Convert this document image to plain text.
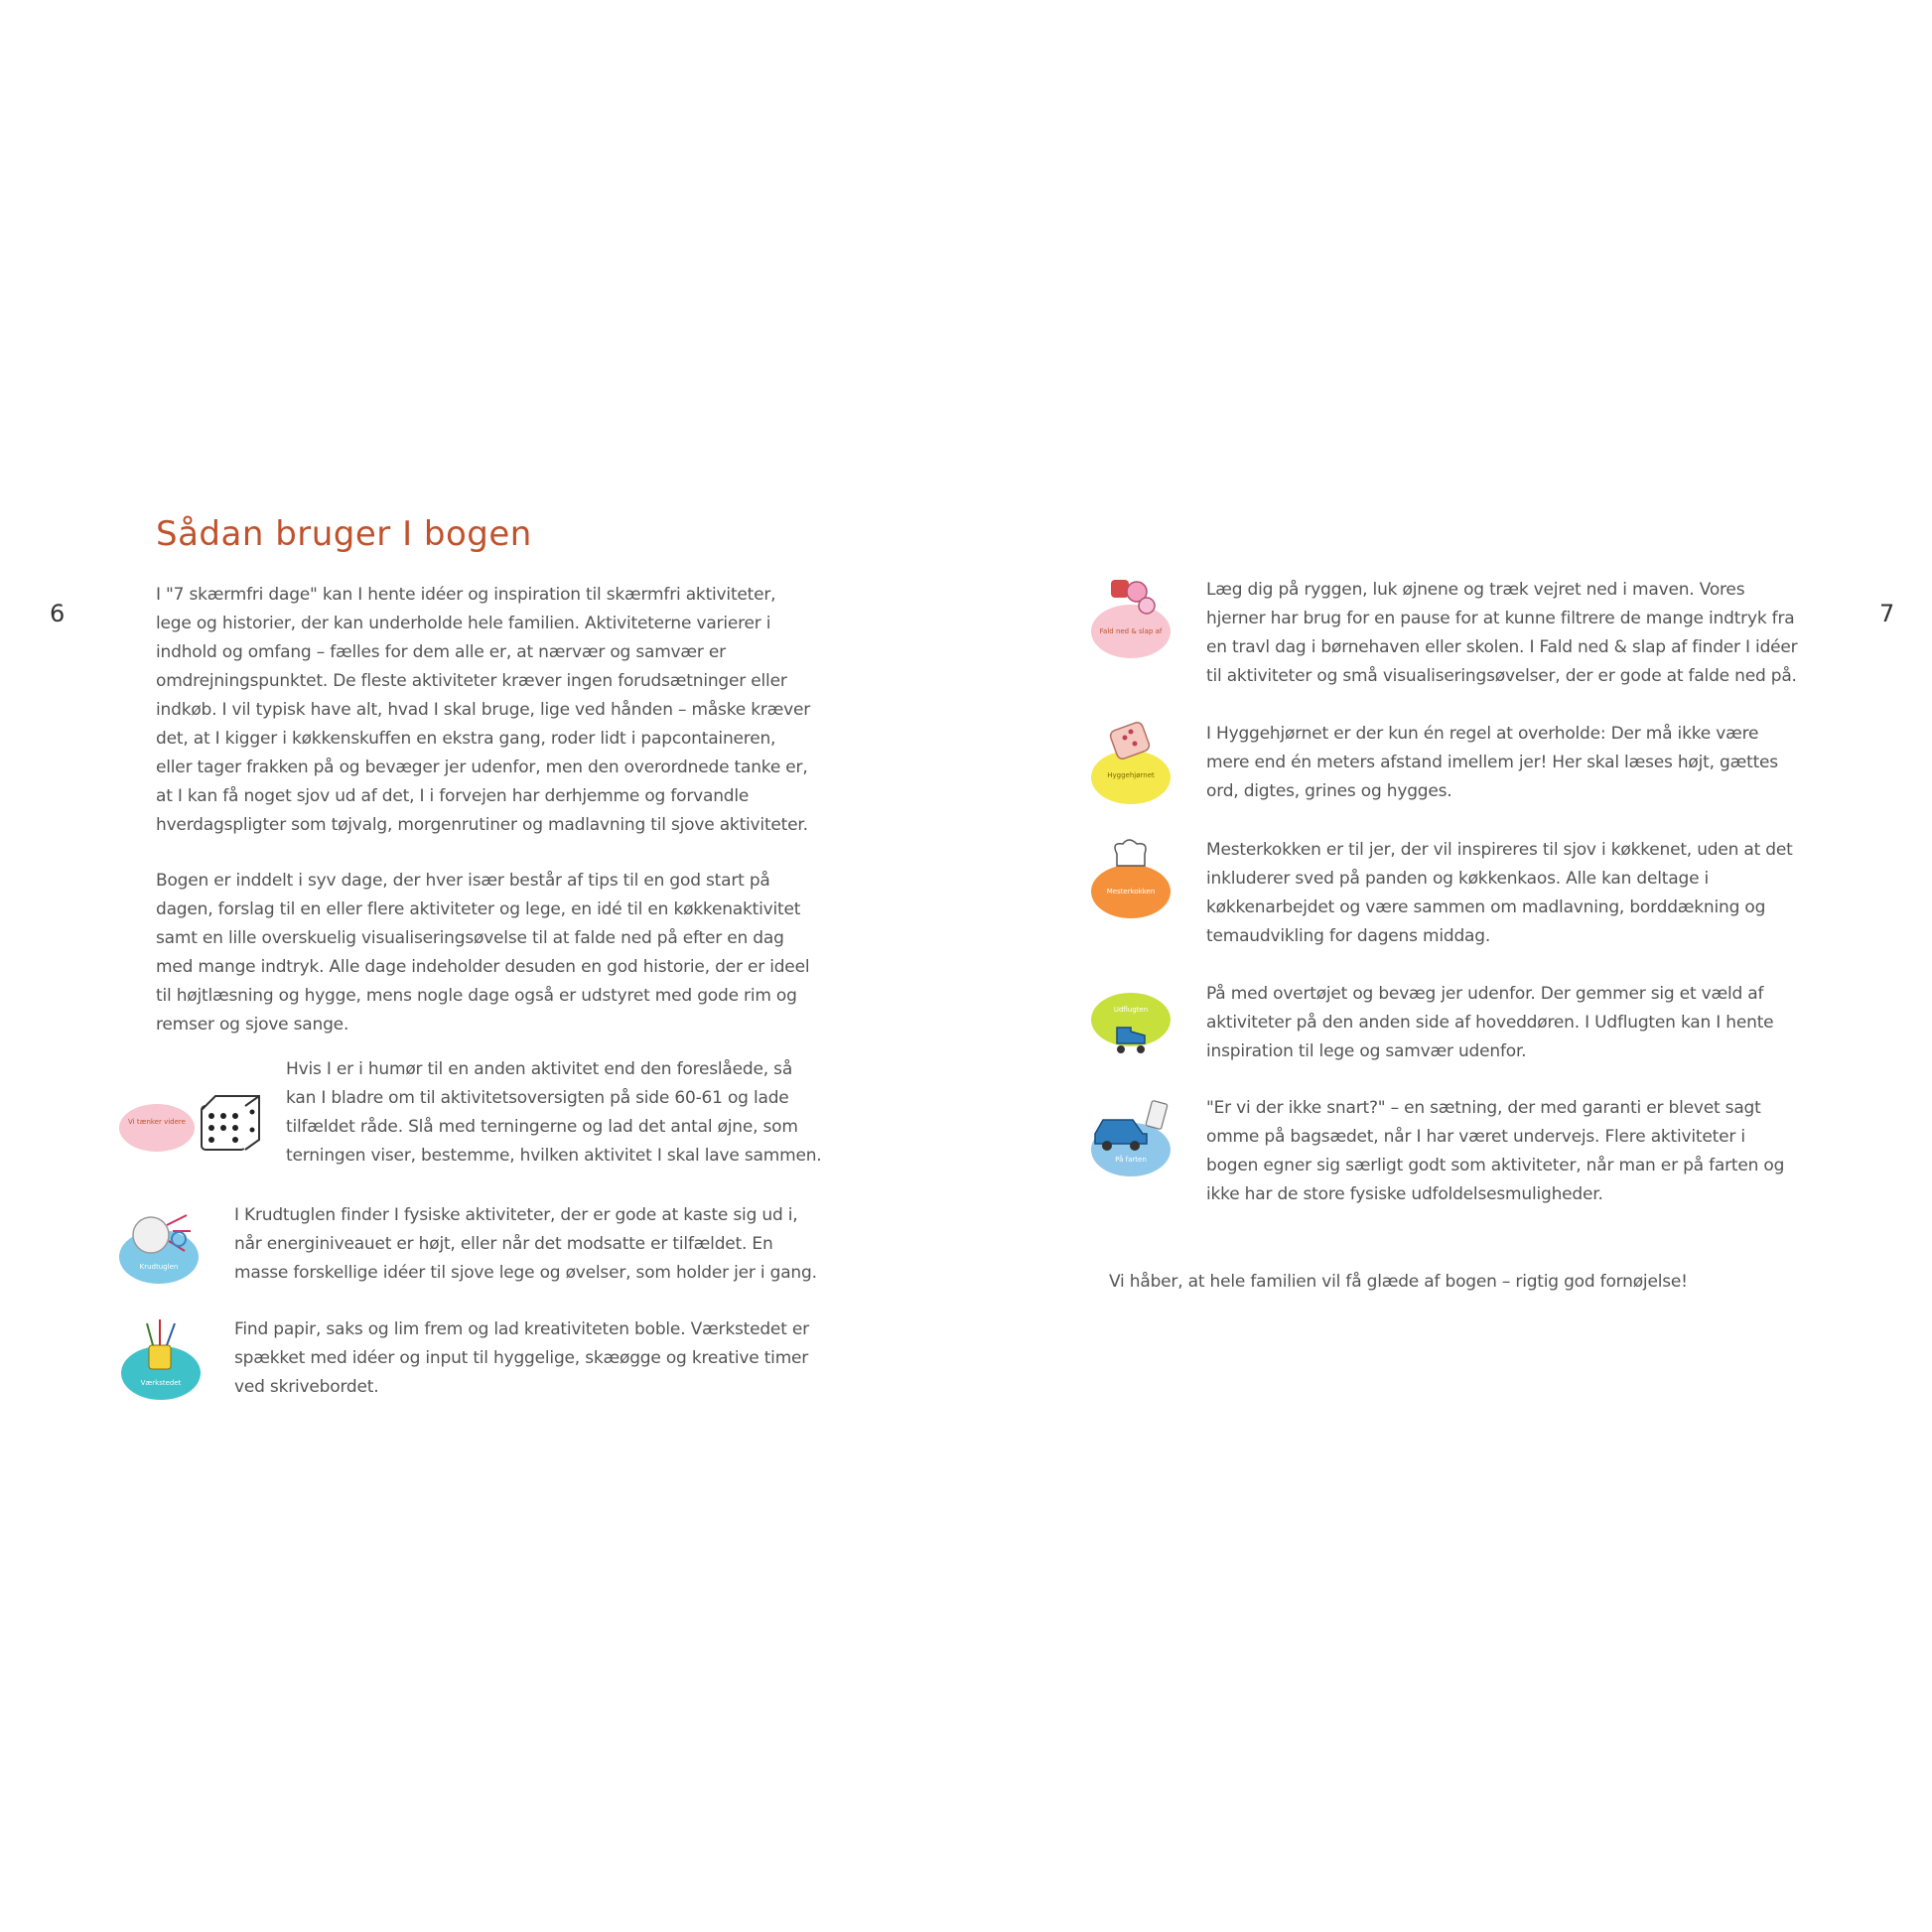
6	7
Sådan bruger I bogen

I "7 skærmfri dage" kan I hente idéer og inspiration til skærmfri aktiviteter, lege og historier, der kan underholde hele familien. Aktiviteterne varierer i indhold og omfang – fælles for dem alle er, at nærvær og samvær er omdrejningspunktet. De fleste aktiviteter kræver ingen forudsætninger eller indkøb. I vil typisk have alt, hvad I skal bruge, lige ved hånden – måske kræver det, at I kigger i køkkenskuffen en ekstra gang, roder lidt i papcontaineren, eller tager frakken på og bevæger jer udenfor, men den overordnede tanke er, at I kan få noget sjov ud af det, I i forvejen har derhjemme og forvandle hverdagspligter som tøjvalg, morgenrutiner og madlavning til sjove aktiviteter.

Bogen er inddelt i syv dage, der hver især består af tips til en god start på dagen, forslag til en eller flere aktiviteter og lege, en idé til en køkkenaktivitet samt en lille overskuelig visualiseringsøvelse til at falde ned på efter en dag med mange indtryk. Alle dage indeholder desuden en god historie, der er ideel til højtlæsning og hygge, mens nogle dage også er udstyret med gode rim og remser og sjove sange.

Vi tænker videre

Hvis I er i humør til en anden aktivitet end den foreslåede, så kan I bladre om til aktivitetsoversigten på side 60-61 og lade tilfældet råde. Slå med terningerne og lad det antal øjne, som terningen viser, bestemme, hvilken aktivitet I skal lave sammen.

Krudtuglen

I Krudtuglen finder I fysiske aktiviteter, der er gode at kaste sig ud i, når energiniveauet er højt, eller når det modsatte er tilfældet. En masse forskellige idéer til sjove lege og øvelser, som holder jer i gang.

Værkstedet

Find papir, saks og lim frem og lad kreativiteten boble. Værkstedet er spækket med idéer og input til hyggelige, skæøgge og kreative timer ved skrivebordet.

Fald ned & slap af

Læg dig på ryggen, luk øjnene og træk vejret ned i maven. Vores hjerner har brug for en pause for at kunne filtrere de mange indtryk fra en travl dag i børnehaven eller skolen. I Fald ned & slap af finder I idéer til aktiviteter og små visualiseringsøvelser, der er gode at falde ned på.

Hyggehjørnet

I Hyggehjørnet er der kun én regel at overholde: Der må ikke være mere end én meters afstand imellem jer! Her skal læses højt, gættes ord, digtes, grines og hygges.

Mesterkokken

Mesterkokken er til jer, der vil inspireres til sjov i køkkenet, uden at det inkluderer sved på panden og køkkenkaos. Alle kan deltage i køkkenarbejdet og være sammen om madlavning, borddækning og temaudvikling for dagens middag.

Udflugten

På med overtøjet og bevæg jer udenfor. Der gemmer sig et væld af aktiviteter på den anden side af hoveddøren. I Udflugten kan I hente inspiration til lege og samvær udenfor.

På farten

"Er vi der ikke snart?" – en sætning, der med garanti er blevet sagt omme på bagsædet, når I har været undervejs. Flere aktiviteter i bogen egner sig særligt godt som aktiviteter, når man er på farten og ikke har de store fysiske udfoldelsesmuligheder.

Vi håber, at hele familien vil få glæde af bogen – rigtig god fornøjelse!
